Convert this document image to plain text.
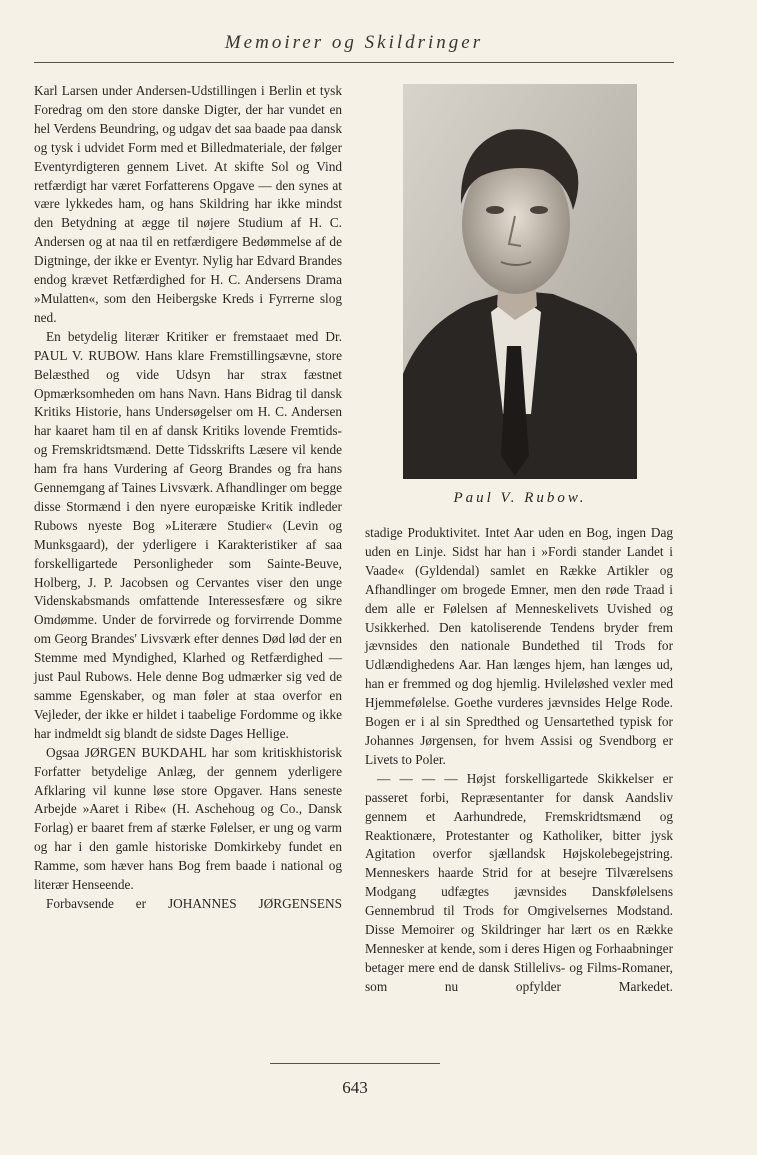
Memoirer og Skildringer

Karl Larsen under Andersen-Udstillingen i Berlin et tysk Foredrag om den store danske Digter, der har vundet en hel Verdens Beundring, og udgav det saa baade paa dansk og tysk i udvidet Form med et Billedmateriale, der følger Eventyrdigteren gennem Livet. At skifte Sol og Vind retfærdigt har været Forfatterens Opgave — den synes at være lykkedes ham, og hans Skildring har ikke mindst den Betydning at ægge til nøjere Studium af H. C. Andersen og at naa til en retfærdigere Bedømmelse af de Digtninge, der ikke er Eventyr. Nylig har Edvard Brandes endog krævet Retfærdighed for H. C. Andersens Drama »Mulatten«, som den Heibergske Kreds i Fyrrerne slog ned.

En betydelig literær Kritiker er fremstaaet med Dr. PAUL V. RUBOW. Hans klare Fremstillingsævne, store Belæsthed og vide Udsyn har strax fæstnet Opmærksomheden om hans Navn. Hans Bidrag til dansk Kritiks Historie, hans Undersøgelser om H. C. Andersen har kaaret ham til en af dansk Kritiks lovende Fremtids- og Fremskridtsmænd. Dette Tidsskrifts Læsere vil kende ham fra hans Vurdering af Georg Brandes og fra hans Gennemgang af Taines Livsværk. Afhandlinger om begge disse Stormænd i den nyere europæiske Kritik indleder Rubows nyeste Bog »Literære Studier« (Levin og Munksgaard), der yderligere i Karakteristiker af saa forskelligartede Personligheder som Sainte-Beuve, Holberg, J. P. Jacobsen og Cervantes viser den unge Videnskabsmands omfattende Interessesfære og sikre Omdømme. Under de forvirrede og forvirrende Domme om Georg Brandes' Livsværk efter dennes Død lød der en Stemme med Myndighed, Klarhed og Retfærdighed — just Paul Rubows. Hele denne Bog udmærker sig ved de samme Egenskaber, og man føler at staa overfor en Vejleder, der ikke er hildet i taabelige Fordomme og ikke har indmeldt sig blandt de sidste Dages Hellige.

Ogsaa JØRGEN BUKDAHL har som kritiskhistorisk Forfatter betydelige Anlæg, der gennem yderligere Afklaring vil kunne løse store Opgaver. Hans seneste Arbejde »Aaret i Ribe« (H. Aschehoug og Co., Dansk Forlag) er baaret frem af stærke Følelser, er ung og varm og har i den gamle historiske Domkirkeby fundet en Ramme, som hæver hans Bog frem baade i national og literær Henseende.

Forbavsende er JOHANNES JØRGENSENS

Paul V. Rubow.

stadige Produktivitet. Intet Aar uden en Bog, ingen Dag uden en Linje. Sidst har han i »Fordi stander Landet i Vaade« (Gyldendal) samlet en Række Artikler og Afhandlinger om brogede Emner, men den røde Traad i dem alle er Følelsen af Menneskelivets Uvished og Usikkerhed. Den katoliserende Tendens bryder frem jævnsides den nationale Bundethed til Trods for Udlændighedens Aar. Han længes hjem, han længes ud, han er fremmed og dog hjemlig. Hvileløshed vexler med Hjemmefølelse. Goethe vurderes jævnsides Helge Rode. Bogen er i al sin Spredthed og Uensartethed typisk for Johannes Jørgensen, for hvem Assisi og Svendborg er Livets to Poler.

— — — — Højst forskelligartede Skikkelser er passeret forbi, Repræsentanter for dansk Aandsliv gennem et Aarhundrede, Fremskridtsmænd og Reaktionære, Protestanter og Katholiker, bitter jysk Agitation overfor sjællandsk Højskolebegejstring. Menneskers haarde Strid for at besejre Tilværelsens Modgang udfægtes jævnsides Danskfølelsens Gennembrud til Trods for Omgivelsernes Modstand. Disse Memoirer og Skildringer har lært os en Række Mennesker at kende, som i deres Higen og Forhaabninger betager mere end de dansk Stillelivs- og Films-Romaner, som nu opfylder Markedet.

643
